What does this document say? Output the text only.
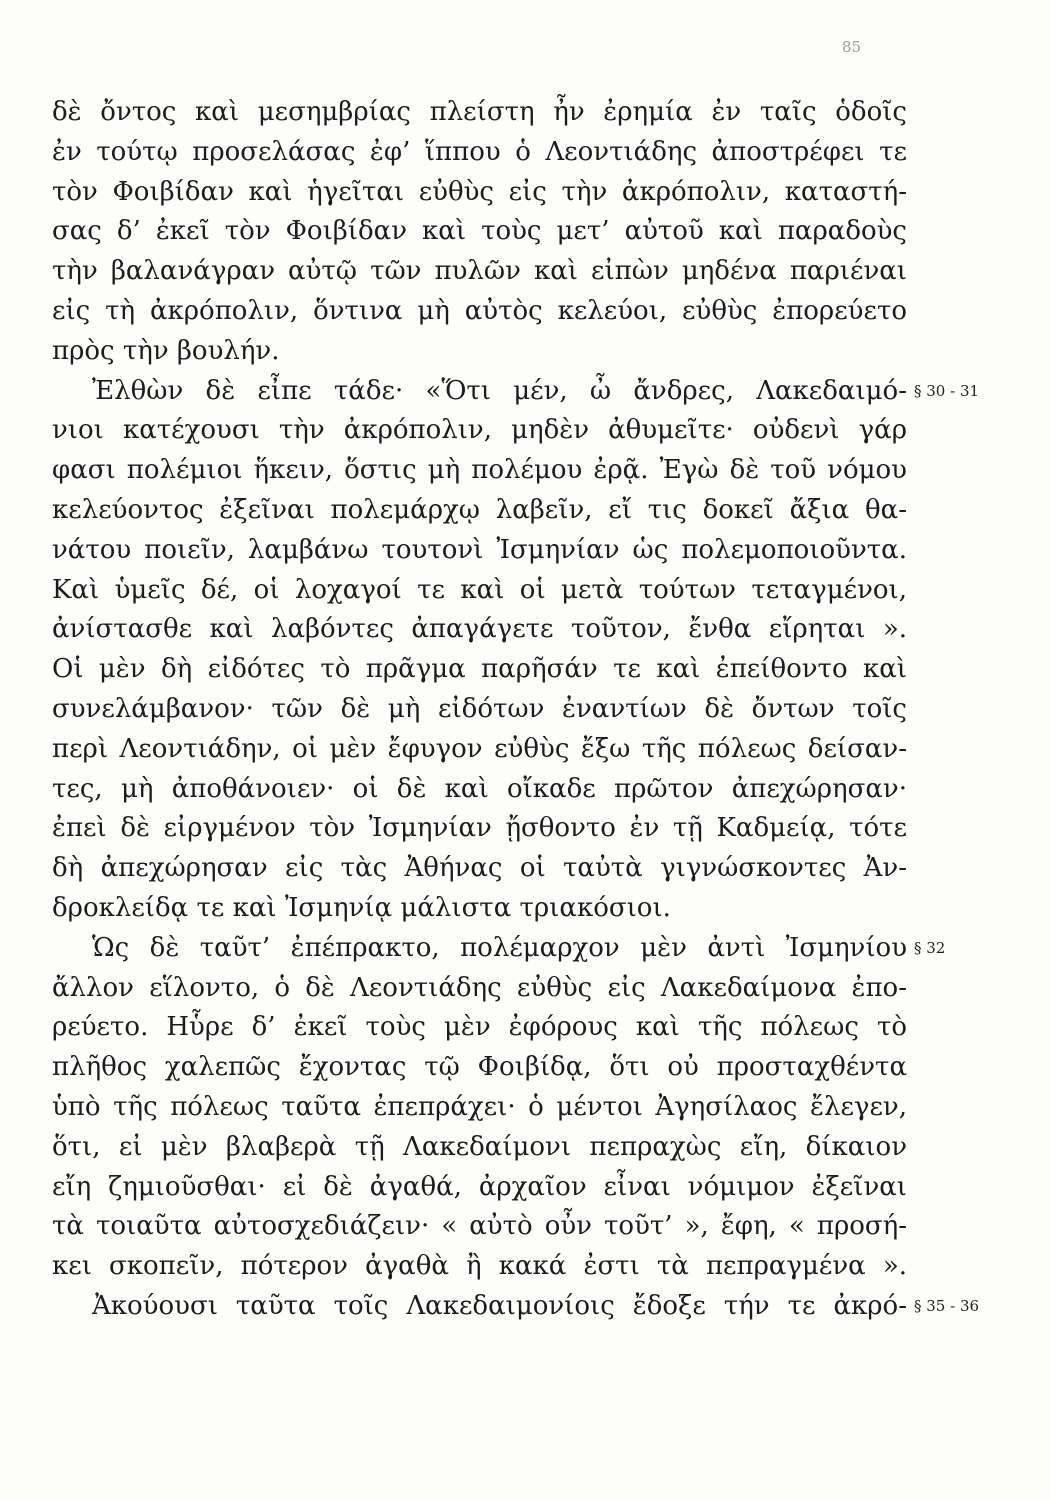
85
δὲ ὄντος καὶ μεσημβρίας πλείστη ἦν ἐρημία ἐν ταῖς ὁδοῖς
ἐν τούτῳ προσελάσας ἐφ’ ἵππου ὁ Λεοντιάδης ἀποστρέφει τε
τὸν Φοιβίδαν καὶ ἡγεῖται εὐθὺς εἰς τὴν ἀκρόπολιν, καταστή-
σας δ’ ἐκεῖ τὸν Φοιβίδαν καὶ τοὺς μετ’ αὐτοῦ καὶ παραδοὺς
τὴν βαλανάγραν αὐτῷ τῶν πυλῶν καὶ εἰπὼν μηδένα παριέναι
εἰς τὴ ἀκρόπολιν, ὅντινα μὴ αὐτὸς κελεύοι, εὐθὺς ἐπορεύετο
πρὸς τὴν βουλήν.
Ἐλθὼν δὲ εἶπε τάδε· «Ὅτι μέν, ὦ ἄνδρες, Λακεδαιμό-
νιοι κατέχουσι τὴν ἀκρόπολιν, μηδὲν ἀθυμεῖτε· οὐδενὶ γάρ
φασι πολέμιοι ἥκειν, ὅστις μὴ πολέμου ἐρᾷ. Ἐγὼ δὲ τοῦ νόμου
κελεύοντος ἐξεῖναι πολεμάρχῳ λαβεῖν, εἴ τις δοκεῖ ἄξια θα-
νάτου ποιεῖν, λαμβάνω τουτονὶ Ἰσμηνίαν ὡς πολεμοποιοῦντα.
Καὶ ὑμεῖς δέ, οἱ λοχαγοί τε καὶ οἱ μετὰ τούτων τεταγμένοι,
ἀνίστασθε καὶ λαβόντες ἀπαγάγετε τοῦτον, ἔνθα εἴρηται ».
Οἱ μὲν δὴ εἰδότες τὸ πρᾶγμα παρῆσάν τε καὶ ἐπείθοντο καὶ
συνελάμβανον· τῶν δὲ μὴ εἰδότων ἐναντίων δὲ ὄντων τοῖς
περὶ Λεοντιάδην, οἱ μὲν ἔφυγον εὐθὺς ἔξω τῆς πόλεως δείσαν-
τες, μὴ ἀποθάνοιεν· οἱ δὲ καὶ οἴκαδε πρῶτον ἀπεχώρησαν·
ἐπεὶ δὲ εἰργμένον τὸν Ἰσμηνίαν ᾔσθοντο ἐν τῇ Καδμείᾳ, τότε
δὴ ἀπεχώρησαν εἰς τὰς Ἀθήνας οἱ ταὐτὰ γιγνώσκοντες Ἀν-
δροκλείδᾳ τε καὶ Ἰσμηνίᾳ μάλιστα τριακόσιοι.
Ὡς δὲ ταῦτ’ ἐπέπρακτο, πολέμαρχον μὲν ἀντὶ Ἰσμηνίου
ἄλλον εἵλοντο, ὁ δὲ Λεοντιάδης εὐθὺς εἰς Λακεδαίμονα ἐπο-
ρεύετο. Ηὗρε δ’ ἐκεῖ τοὺς μὲν ἐφόρους καὶ τῆς πόλεως τὸ
πλῆθος χαλεπῶς ἔχοντας τῷ Φοιβίδᾳ, ὅτι οὐ προσταχθέντα
ὑπὸ τῆς πόλεως ταῦτα ἐπεπράχει· ὁ μέντοι Ἀγησίλαος ἔλεγεν,
ὅτι, εἰ μὲν βλαβερὰ τῇ Λακεδαίμονι πεπραχὼς εἴη, δίκαιον
εἴη ζημιοῦσθαι· εἰ δὲ ἀγαθά, ἀρχαῖον εἶναι νόμιμον ἐξεῖναι
τὰ τοιαῦτα αὐτοσχεδιάζειν· « αὐτὸ οὖν τοῦτ’ », ἔφη, « προσή-
κει σκοπεῖν, πότερον ἀγαθὰ ἢ κακά ἐστι τὰ πεπραγμένα ».
Ἀκούουσι ταῦτα τοῖς Λακεδαιμονίοις ἔδοξε τήν τε ἀκρό-
§ 30 - 31
§ 32
§ 35 - 36
